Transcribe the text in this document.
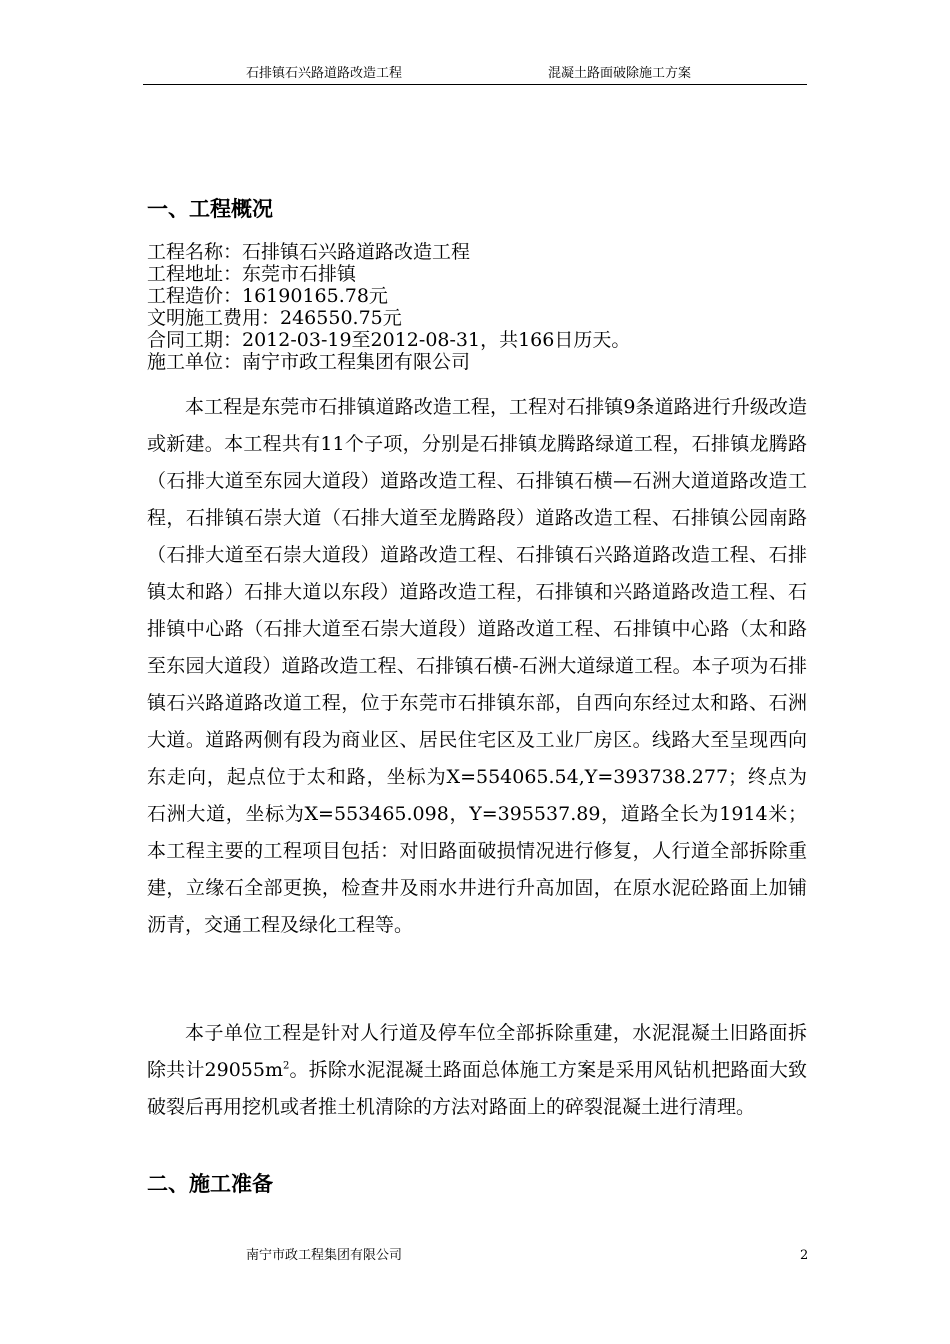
石排镇石兴路道路改造工程	混凝土路面破除施工方案
一、工程概况
工程名称：石排镇石兴路道路改造工程
工程地址：东莞市石排镇
工程造价：16190165.78元
文明施工费用：246550.75元
合同工期：2012-03-19至2012-08-31，共166日历天。
施工单位：南宁市政工程集团有限公司

本工程是东莞市石排镇道路改造工程，工程对石排镇9条道路进行升级改造或新建。本工程共有11个子项，分别是石排镇龙腾路绿道工程，石排镇龙腾路（石排大道至东园大道段）道路改造工程、石排镇石横—石洲大道道路改造工程，石排镇石崇大道（石排大道至龙腾路段）道路改造工程、石排镇公园南路（石排大道至石崇大道段）道路改造工程、石排镇石兴路道路改造工程、石排镇太和路）石排大道以东段）道路改造工程，石排镇和兴路道路改造工程、石排镇中心路（石排大道至石崇大道段）道路改道工程、石排镇中心路（太和路至东园大道段）道路改造工程、石排镇石横-石洲大道绿道工程。本子项为石排镇石兴路道路改道工程，位于东莞市石排镇东部，自西向东经过太和路、石洲大道。道路两侧有段为商业区、居民住宅区及工业厂房区。线路大至呈现西向东走向，起点位于太和路，坐标为X=554065.54,Y=393738.277；终点为石洲大道，坐标为X=553465.098，Y=395537.89，道路全长为1914米；本工程主要的工程项目包括：对旧路面破损情况进行修复，人行道全部拆除重建，立缘石全部更换，检查井及雨水井进行升高加固，在原水泥砼路面上加铺沥青，交通工程及绿化工程等。

本子单位工程是针对人行道及停车位全部拆除重建，水泥混凝土旧路面拆除共计$29055m^2$。拆除水泥混凝土路面总体施工方案是采用风钻机把路面大致破裂后再用挖机或者推土机清除的方法对路面上的碎裂混凝土进行清理。

二、施工准备
南宁市政工程集团有限公司	2
